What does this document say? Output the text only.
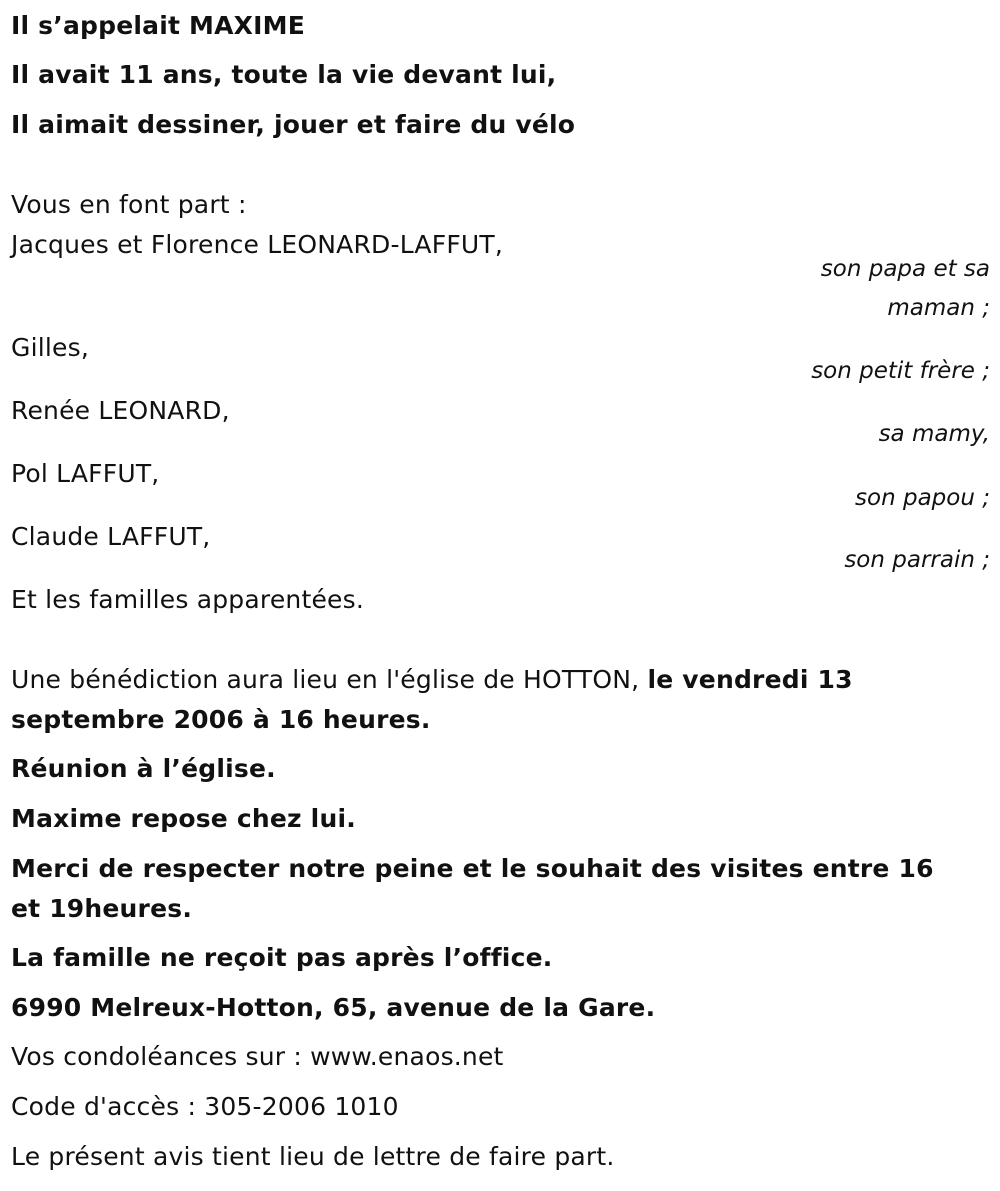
Il s’appelait MAXIME
Il avait 11 ans, toute la vie devant lui,
Il aimait dessiner, jouer et faire du vélo
Vous en font part :
Jacques et Florence LEONARD-LAFFUT,
son papa et sa
maman ;
Gilles,
son petit frère ;
Renée LEONARD,
sa mamy,
Pol LAFFUT,
son papou ;
Claude LAFFUT,
son parrain ;
Et les familles apparentées.
Une bénédiction aura lieu en l'église de HOTTON, le vendredi 13 septembre 2006 à 16 heures.
Réunion à l’église.
Maxime repose chez lui.
Merci de respecter notre peine et le souhait des visites entre 16 et 19heures.
La famille ne reçoit pas après l’office.
6990 Melreux-Hotton, 65, avenue de la Gare.
Vos condoléances sur : www.enaos.net
Code d'accès : 305-2006 1010
Le présent avis tient lieu de lettre de faire part.
